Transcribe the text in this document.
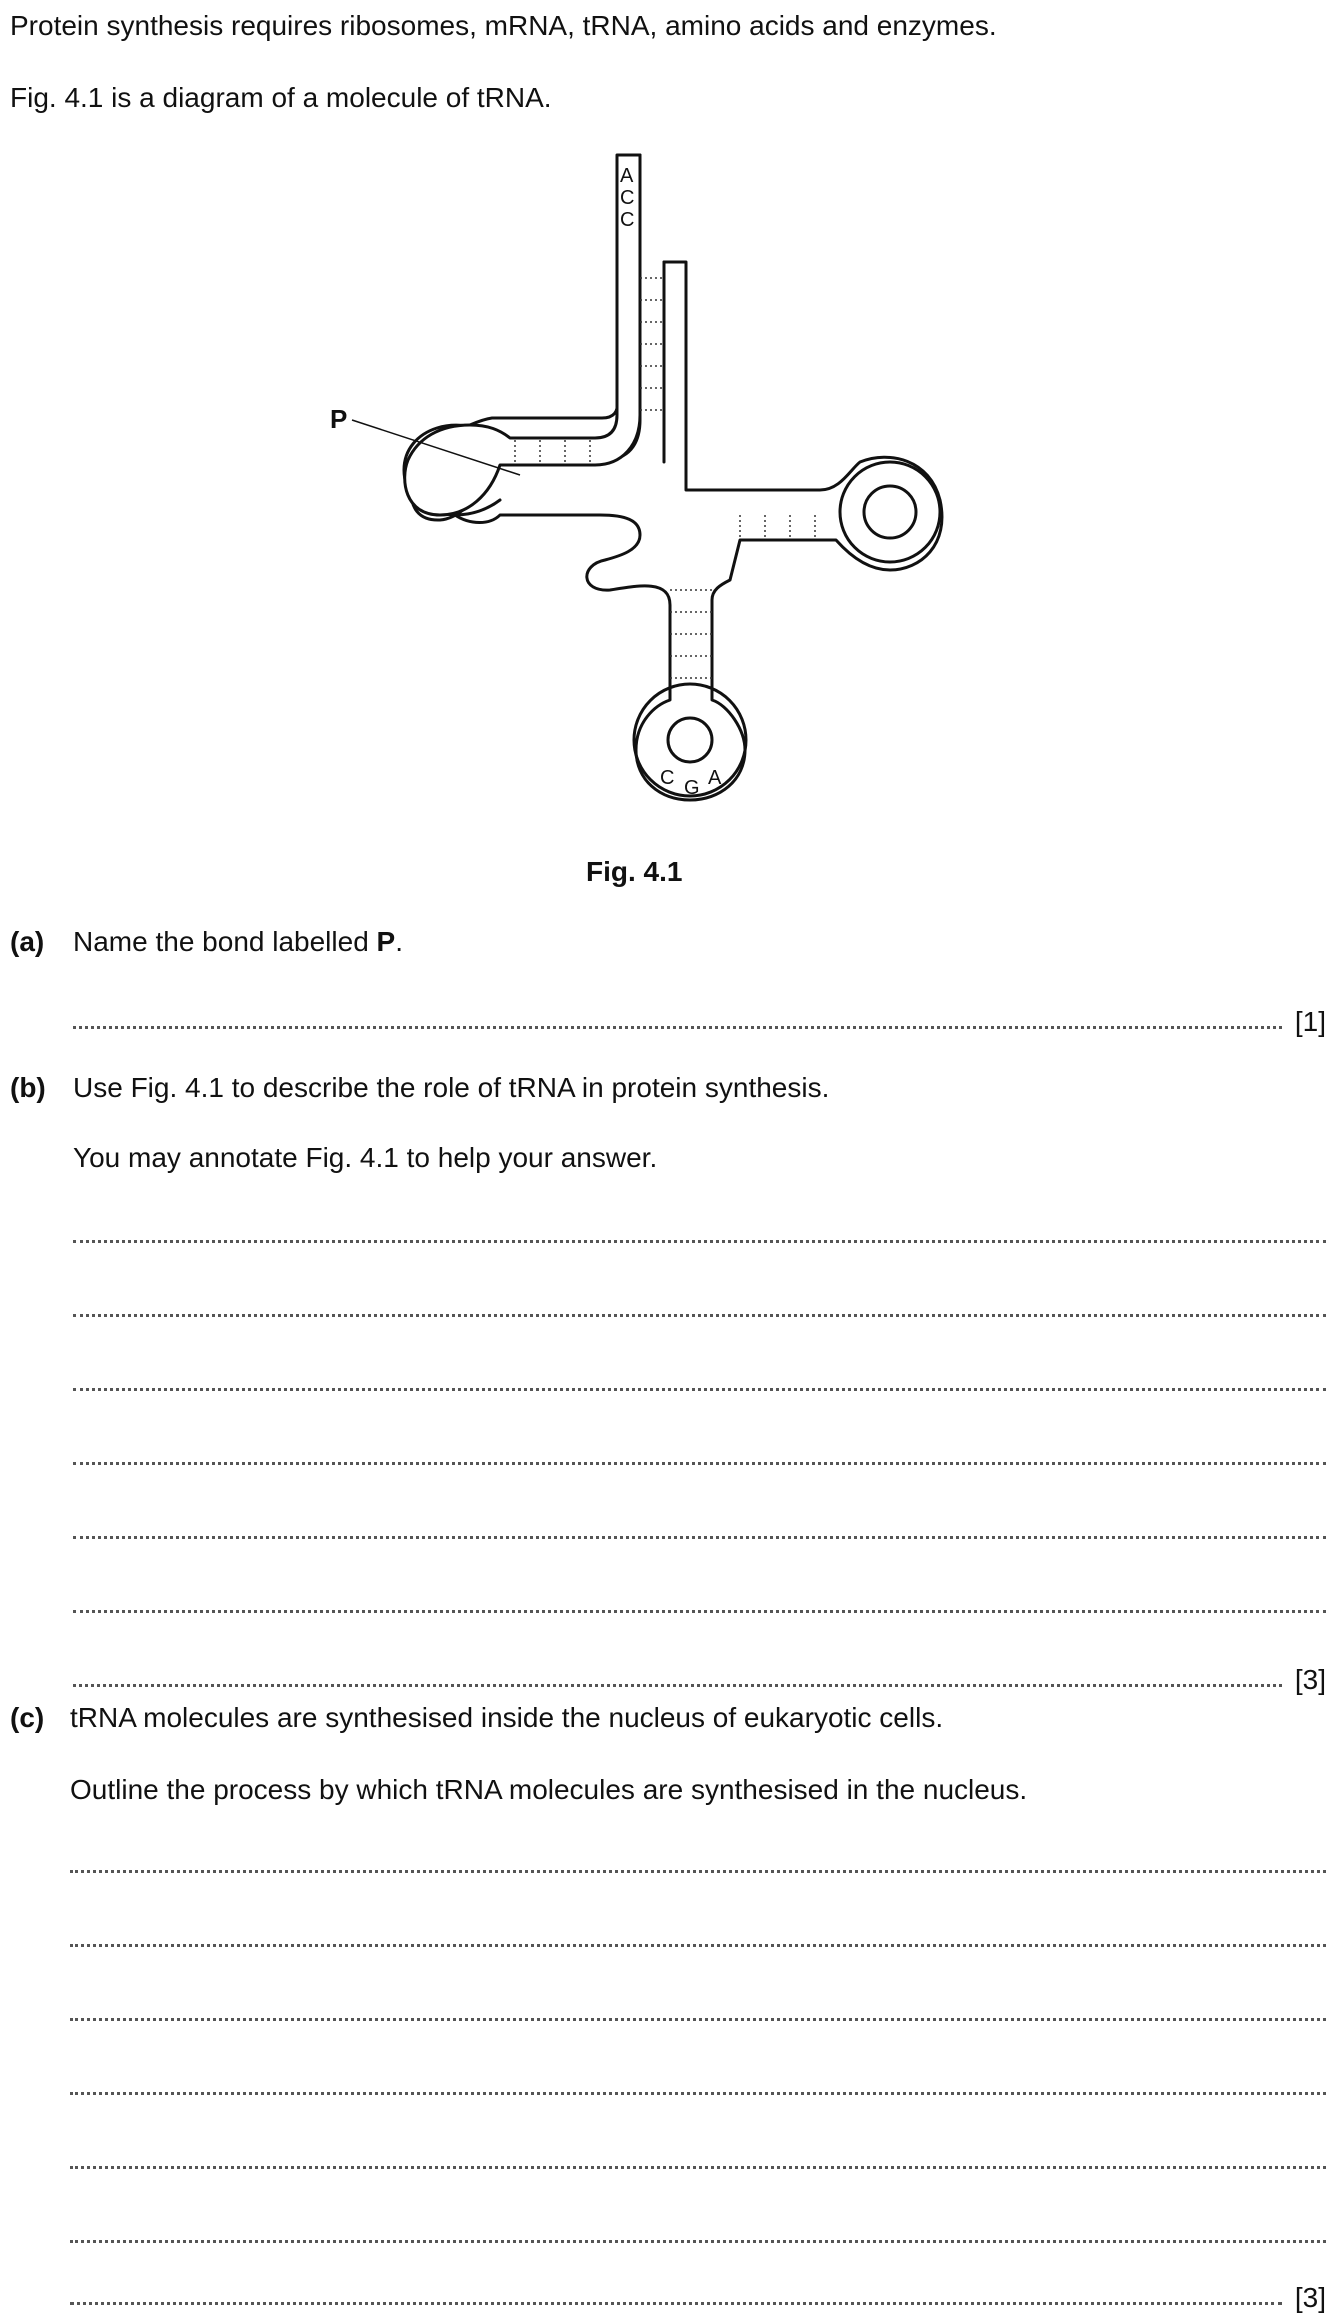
Protein synthesis requires ribosomes, mRNA, tRNA, amino acids and enzymes.
Fig. 4.1 is a diagram of a molecule of tRNA.
P
A
C
C
C G A
Fig. 4.1
(a) Name the bond labelled P.
[1]
(b) Use Fig. 4.1 to describe the role of tRNA in protein synthesis.
You may annotate Fig. 4.1 to help your answer.
[3]
(c) tRNA molecules are synthesised inside the nucleus of eukaryotic cells.
Outline the process by which tRNA molecules are synthesised in the nucleus.
[3]
